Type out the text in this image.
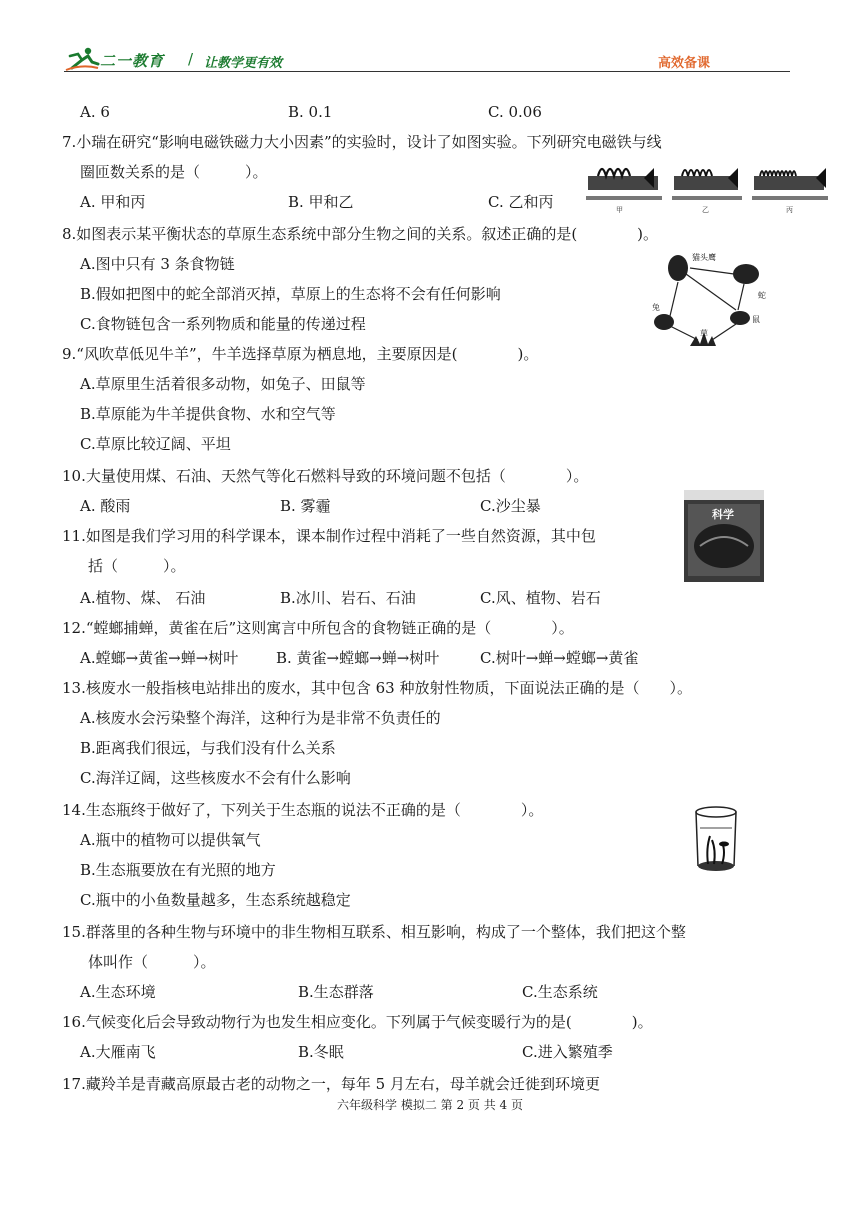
二一教育 / 让教学更有效	高效备课
A. 6	B. 0.1	C. 0.06
7.小瑞在研究“影响电磁铁磁力大小因素”的实验时，设计了如图实验。下列研究电磁铁与线
圈匝数关系的是（　　　）。
A. 甲和丙	B. 甲和乙	C. 乙和丙	甲	乙	丙
8.如图表示某平衡状态的草原生态系统中部分生物之间的关系。叙述正确的是(　　　　)。
A.图中只有 3 条食物链
B.假如把图中的蛇全部消灭掉，草原上的生态将不会有任何影响
C.食物链包含一系列物质和能量的传递过程
猫头鹰
蛇
兔
鼠
草
9.“风吹草低见牛羊”，牛羊选择草原为栖息地，主要原因是(　　　　)。
A.草原里生活着很多动物，如兔子、田鼠等
B.草原能为牛羊提供食物、水和空气等
C.草原比较辽阔、平坦
10.大量使用煤、石油、天然气等化石燃料导致的环境问题不包括（　　　　）。
A. 酸雨	B. 雾霾	C.沙尘暴
11.如图是我们学习用的科学课本，课本制作过程中消耗了一些自然资源，其中包
括（　　　）。
A.植物、煤、 石油	B.冰川、岩石、石油	C.风、植物、岩石
科学
12.“螳螂捕蝉，黄雀在后”这则寓言中所包含的食物链正确的是（　　　　）。
A.螳螂→黄雀→蝉→树叶	B. 黄雀→螳螂→蝉→树叶	C.树叶→蝉→螳螂→黄雀
13.核废水一般指核电站排出的废水，其中包含 63 种放射性物质，下面说法正确的是（　　）。
A.核废水会污染整个海洋，这种行为是非常不负责任的
B.距离我们很远，与我们没有什么关系
C.海洋辽阔，这些核废水不会有什么影响
14.生态瓶终于做好了，下列关于生态瓶的说法不正确的是（　　　　）。
A.瓶中的植物可以提供氧气
B.生态瓶要放在有光照的地方
C.瓶中的小鱼数量越多，生态系统越稳定
15.群落里的各种生物与环境中的非生物相互联系、相互影响，构成了一个整体，我们把这个整
体叫作（　　　）。
A.生态环境	B.生态群落	C.生态系统
16.气候变化后会导致动物行为也发生相应变化。下列属于气候变暖行为的是(　　　　)。
A.大雁南飞	B.冬眠	C.进入繁殖季
17.藏羚羊是青藏高原最古老的动物之一，每年 5 月左右，母羊就会迁徙到环境更
六年级科学 模拟二 第 2 页 共 4 页
